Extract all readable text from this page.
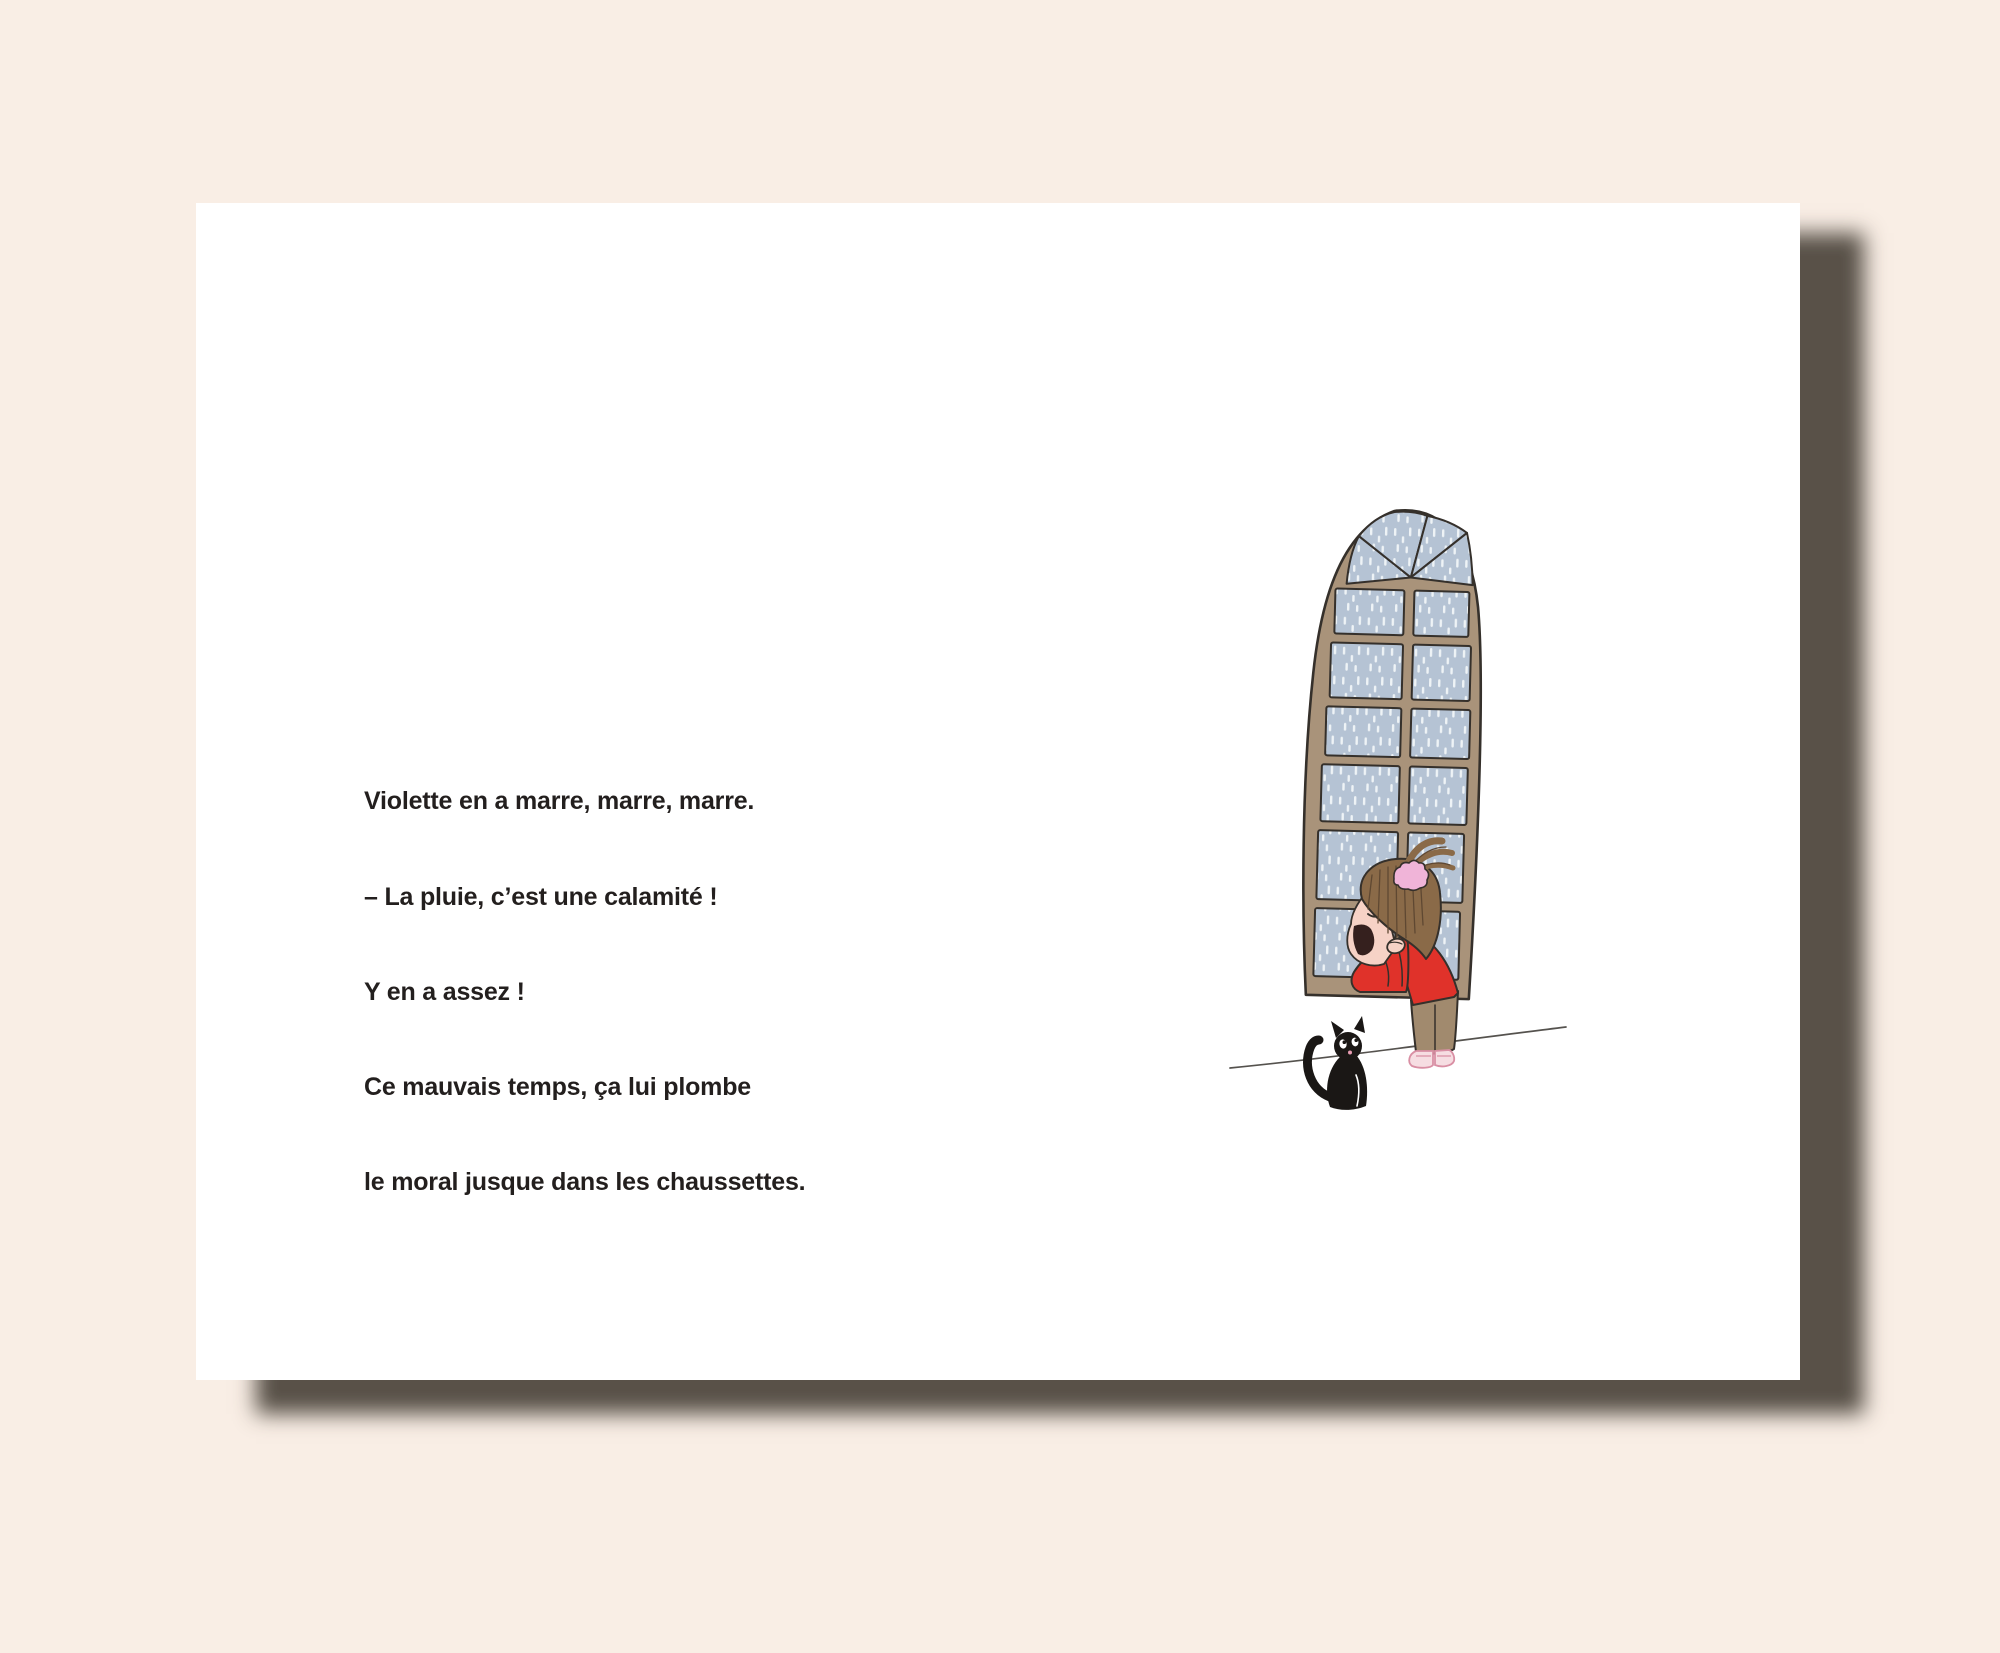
Violette en a marre, marre, marre.

– La pluie, c’est une calamité !

Y en a assez !

Ce mauvais temps, ça lui plombe

le moral jusque dans les chaussettes.
